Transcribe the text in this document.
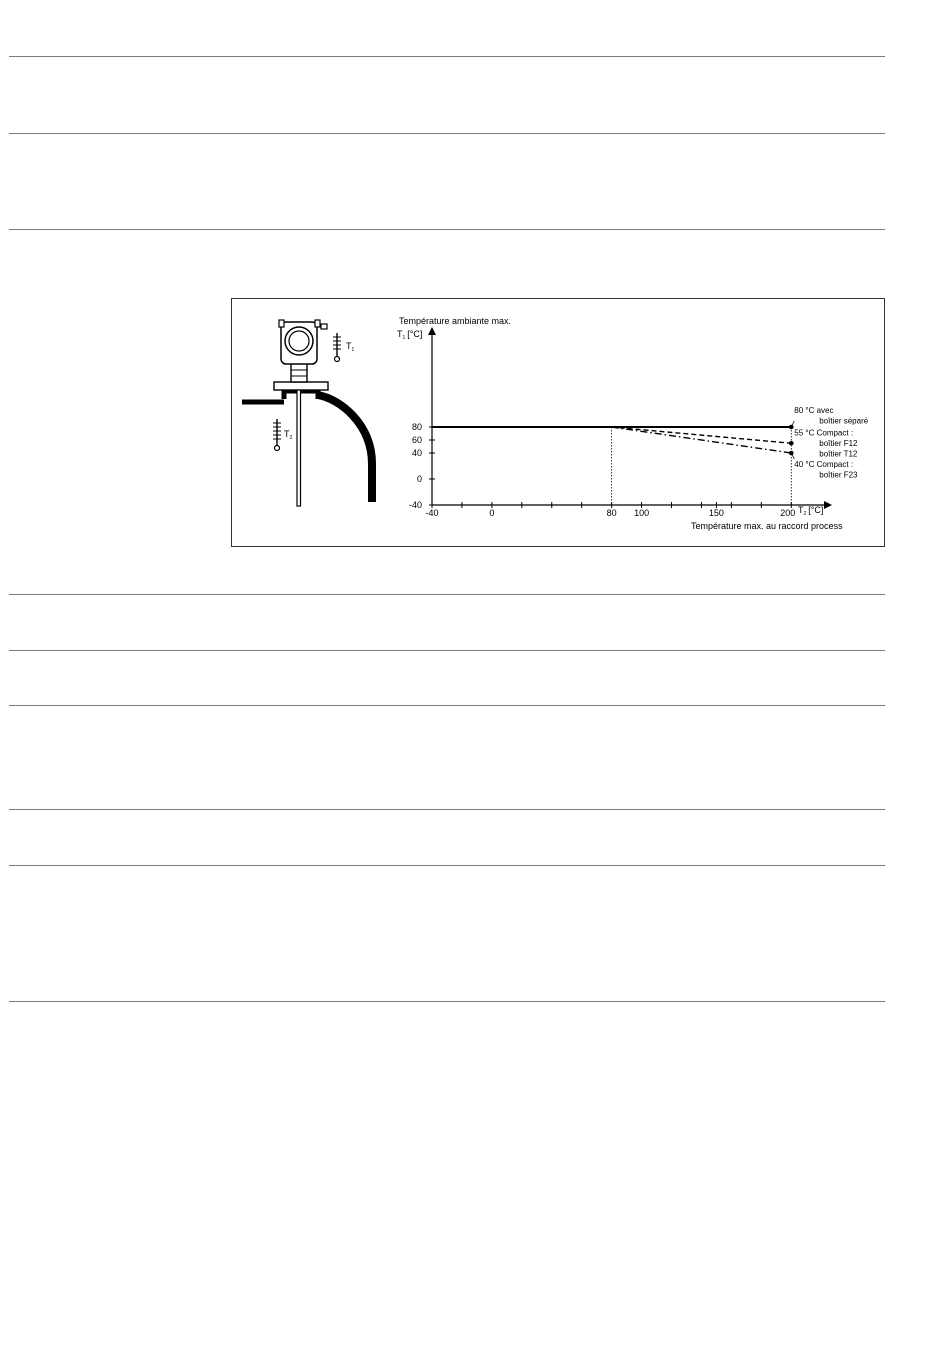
$T_1$
$T_2$
Température ambiante max.
$T_1$ [°C]
$T_2$ [°C]
Température max. au raccord process
-40
0
40
60
80
-40	0	80 100	150	200
80 °C avec
boîtier séparé
55 °C Compact :
boîtier F12
boîtier T12
40 °C Compact :
boîtier F23
